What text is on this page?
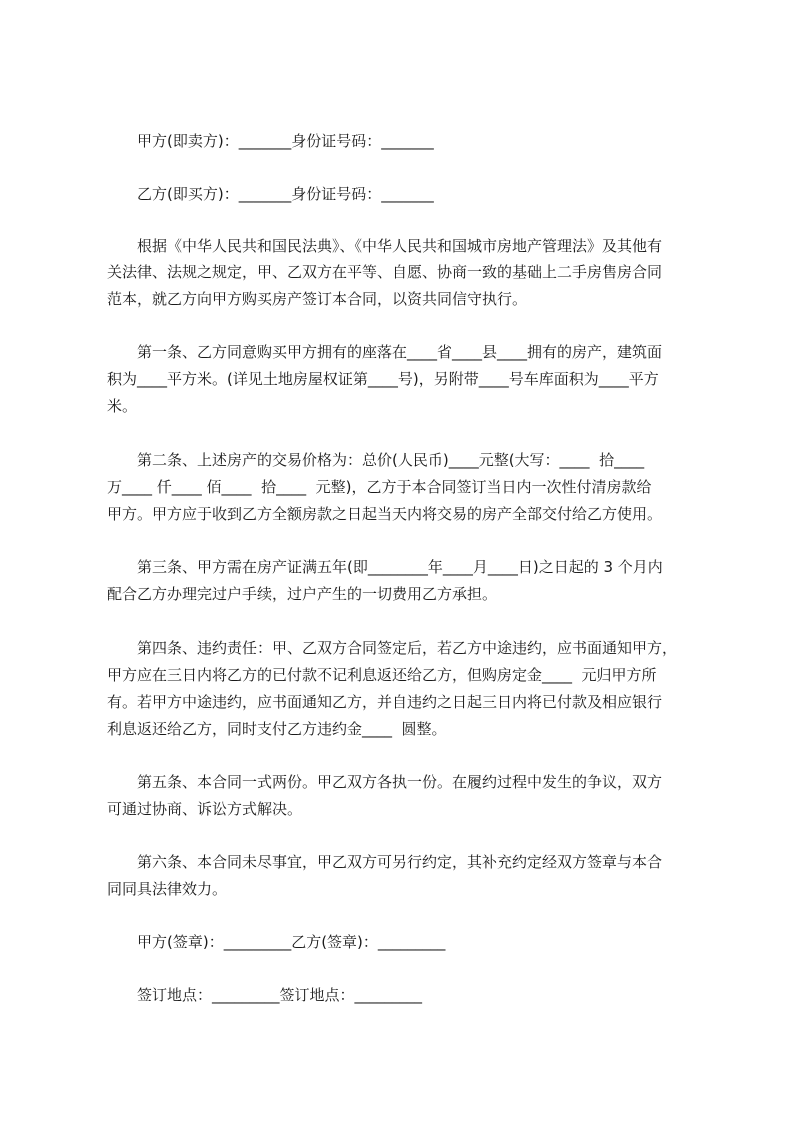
甲方(即卖方)：_______身份证号码：_______

乙方(即买方)：_______身份证号码：_______

根据《中华人民共和国民法典》、《中华人民共和国城市房地产管理法》及其他有

关法律、法规之规定，甲、乙双方在平等、自愿、协商一致的基础上二手房售房合同

范本，就乙方向甲方购买房产签订本合同，以资共同信守执行。

第一条、乙方同意购买甲方拥有的座落在____省____县____拥有的房产，建筑面

积为____平方米。(详见土地房屋权证第____号)，另附带____号车库面积为____平方

米。

第二条、上述房产的交易价格为：总价(人民币)____元整(大写：____  拾____

万____ 仟____ 佰____  拾____  元整)，乙方于本合同签订当日内一次性付清房款给

甲方。甲方应于收到乙方全额房款之日起当天内将交易的房产全部交付给乙方使用。

第三条、甲方需在房产证满五年(即________年____月____日)之日起的 3 个月内

配合乙方办理完过户手续，过户产生的一切费用乙方承担。

第四条、违约责任：甲、乙双方合同签定后，若乙方中途违约，应书面通知甲方，

甲方应在三日内将乙方的已付款不记利息返还给乙方，但购房定金____  元归甲方所

有。若甲方中途违约，应书面通知乙方，并自违约之日起三日内将已付款及相应银行

利息返还给乙方，同时支付乙方违约金____  圆整。

第五条、本合同一式两份。甲乙双方各执一份。在履约过程中发生的争议，双方

可通过协商、诉讼方式解决。

第六条、本合同未尽事宜，甲乙双方可另行约定，其补充约定经双方签章与本合

同同具法律效力。

甲方(签章)：_________乙方(签章)：_________

签订地点：_________签订地点：_________
